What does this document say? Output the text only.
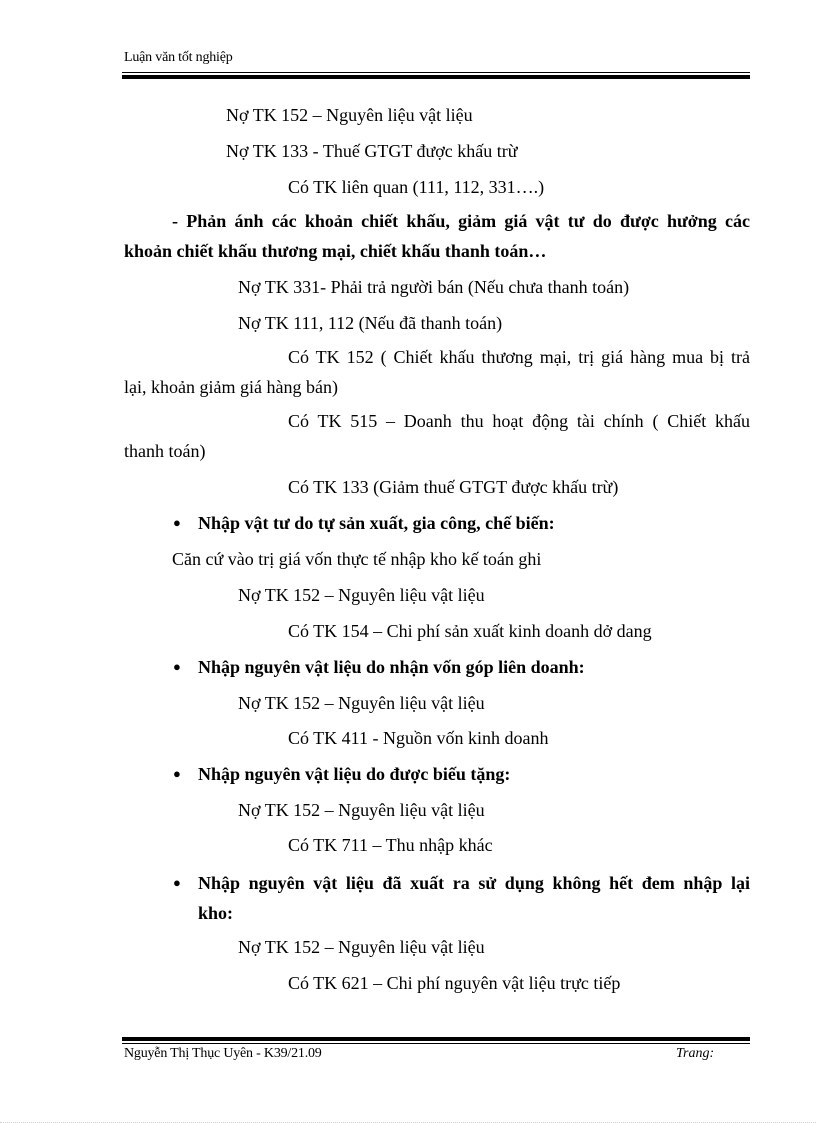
Luận văn tốt nghiệp
Nợ TK 152 – Nguyên liệu vật liệu
Nợ TK 133 - Thuế GTGT được khấu trừ
Có TK liên quan (111, 112, 331….)
- Phản ánh các khoản chiết khấu, giảm giá vật tư do được hưởng các
khoản chiết khấu thương mại, chiết khấu thanh toán…
Nợ TK 331- Phải trả người bán (Nếu chưa thanh toán)
Nợ TK 111, 112 (Nếu đã thanh toán)
Có TK 152 ( Chiết khấu thương mại, trị giá hàng mua bị trả
lại, khoản giảm giá hàng bán)
Có TK 515 – Doanh thu hoạt động tài chính ( Chiết khấu
thanh toán)
Có TK 133 (Giảm thuế GTGT được khấu trừ)
● Nhập vật tư do tự sản xuất, gia công, chế biến:
Căn cứ vào trị giá vốn thực tế nhập kho kế toán ghi
Nợ TK 152 – Nguyên liệu vật liệu
Có TK 154 – Chi phí sản xuất kinh doanh dở dang
● Nhập nguyên vật liệu do nhận vốn góp liên doanh:
Nợ TK 152 – Nguyên liệu vật liệu
Có TK 411 - Nguồn vốn kinh doanh
● Nhập nguyên vật liệu do được biếu tặng:
Nợ TK 152 – Nguyên liệu vật liệu
Có TK 711 – Thu nhập khác
● Nhập nguyên vật liệu đã xuất ra sử dụng không hết đem nhập lại
kho:
Nợ TK 152 – Nguyên liệu vật liệu
Có TK 621 – Chi phí nguyên vật liệu trực tiếp
Nguyễn Thị Thục Uyên - K39/21.09	Trang:
